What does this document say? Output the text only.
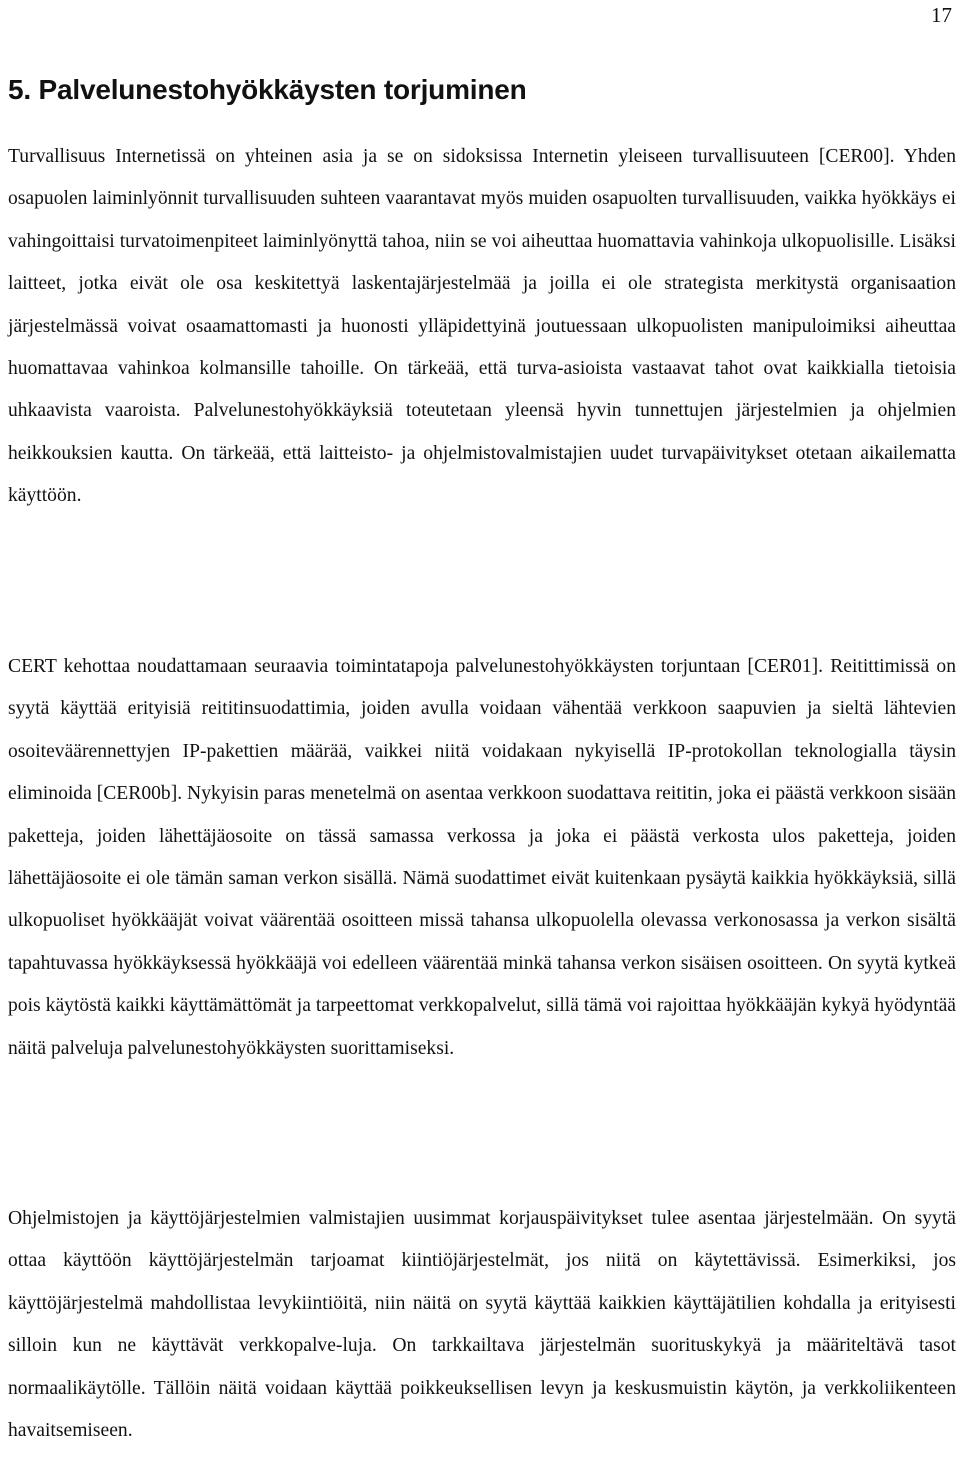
17
5. Palvelunestohyökkäysten torjuminen

Turvallisuus Internetissä on yhteinen asia ja se on sidoksissa Internetin yleiseen turvallisuuteen [CER00]. Yhden osapuolen laiminlyönnit turvallisuuden suhteen vaarantavat myös muiden osapuolten turvallisuuden, vaikka hyökkäys ei vahingoittaisi turvatoimenpiteet laiminlyönyttä tahoa, niin se voi aiheuttaa huomattavia vahinkoja ulkopuolisille. Lisäksi laitteet, jotka eivät ole osa keskitettyä laskentajärjestelmää ja joilla ei ole strategista merkitystä organisaation järjestelmässä voivat osaamattomasti ja huonosti ylläpidettyinä joutuessaan ulkopuolisten manipuloimiksi aiheuttaa huomattavaa vahinkoa kolmansille tahoille. On tärkeää, että turva-asioista vastaavat tahot ovat kaikkialla tietoisia uhkaavista vaaroista. Palvelunestohyökkäyksiä toteutetaan yleensä hyvin tunnettujen järjestelmien ja ohjelmien heikkouksien kautta. On tärkeää, että laitteisto- ja ohjelmistovalmistajien uudet turvapäivitykset otetaan aikailematta käyttöön.

CERT kehottaa noudattamaan seuraavia toimintatapoja palvelunestohyökkäysten torjuntaan [CER01]. Reitittimissä on syytä käyttää erityisiä reititinsuodattimia, joiden avulla voidaan vähentää verkkoon saapuvien ja sieltä lähtevien osoiteväärennettyjen IP-pakettien määrää, vaikkei niitä voidakaan nykyisellä IP-protokollan teknologialla täysin eliminoida [CER00b]. Nykyisin paras menetelmä on asentaa verkkoon suodattava reititin, joka ei päästä verkkoon sisään paketteja, joiden lähettäjäosoite on tässä samassa verkossa ja joka ei päästä verkosta ulos paketteja, joiden lähettäjäosoite ei ole tämän saman verkon sisällä. Nämä suodattimet eivät kuitenkaan pysäytä kaikkia hyökkäyksiä, sillä ulkopuoliset hyökkääjät voivat väärentää osoitteen missä tahansa ulkopuolella olevassa verkonosassa ja verkon sisältä tapahtuvassa hyökkäyksessä hyökkääjä voi edelleen väärentää minkä tahansa verkon sisäisen osoitteen. On syytä kytkeä pois käytöstä kaikki käyttämättömät ja tarpeettomat verkkopalvelut, sillä tämä voi rajoittaa hyökkääjän kykyä hyödyntää näitä palveluja palvelunestohyökkäysten suorittamiseksi.

Ohjelmistojen ja käyttöjärjestelmien valmistajien uusimmat korjauspäivitykset tulee asentaa järjestelmään. On syytä ottaa käyttöön käyttöjärjestelmän tarjoamat kiintiöjärjestelmät, jos niitä on käytettävissä. Esimerkiksi, jos käyttöjärjestelmä mahdollistaa levykiintiöitä, niin näitä on syytä käyttää kaikkien käyttäjätilien kohdalla ja erityisesti silloin kun ne käyttävät verkkopalve-luja. On tarkkailtava järjestelmän suorituskykyä ja määriteltävä tasot normaalikäytölle. Tällöin näitä voidaan käyttää poikkeuksellisen levyn ja keskusmuistin käytön, ja verkkoliikenteen havaitsemiseen.
